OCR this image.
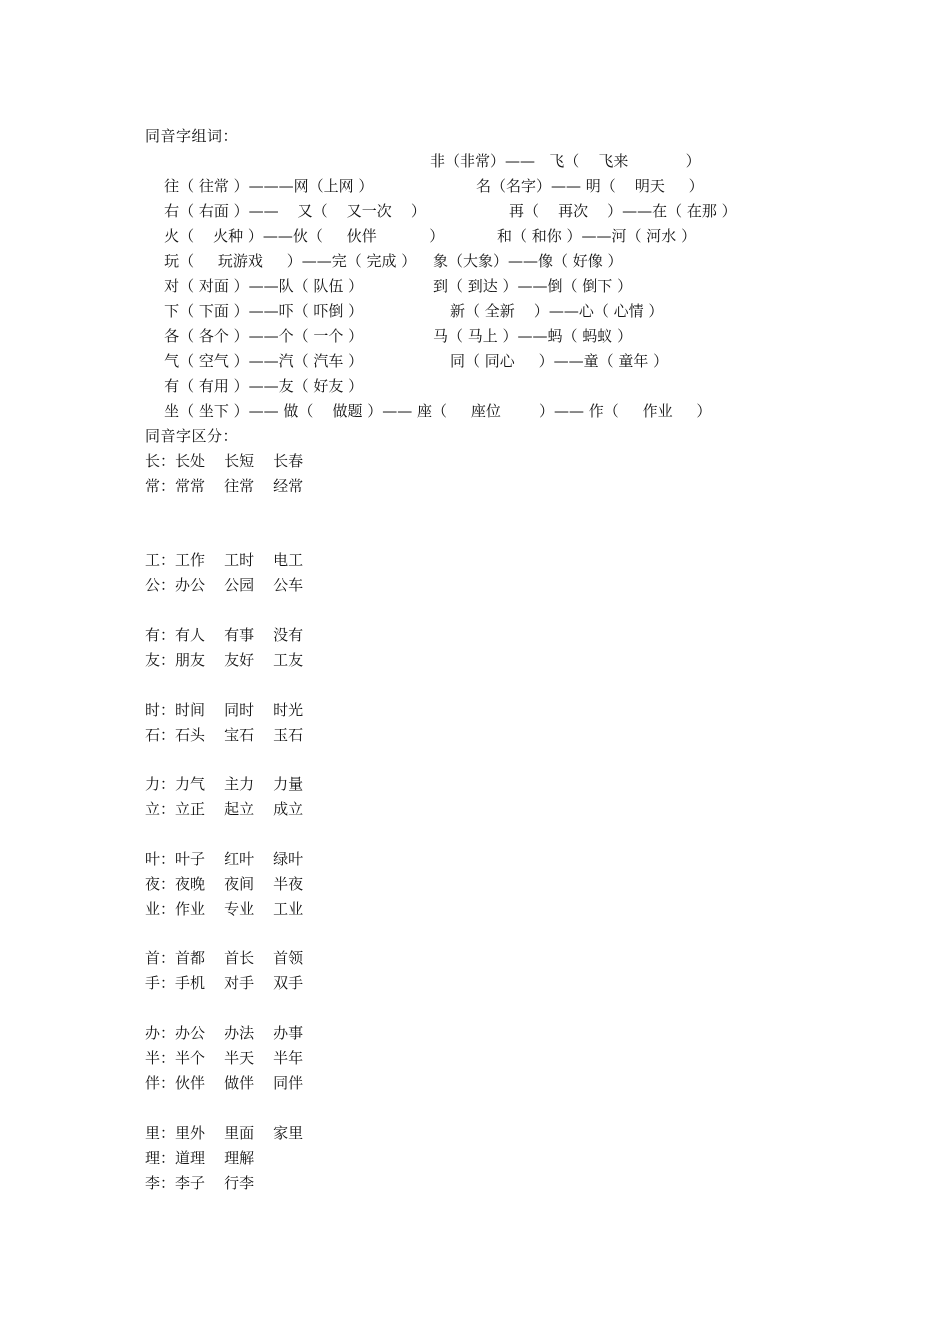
同音字组词：

往（ 往常 ）———网（上网 ）

非（非常）——   飞（    飞来            ）

右（ 右面 ）——    又（    又一次    ）

名（名字）—— 明（    明天     ）

火（    火种 ）——伙（     伙伴           ）

再（    再次    ）——在（ 在那 ）

玩（     玩游戏     ）——完（ 完成 ）

和（ 和你 ）——河（ 河水 ）

对（ 对面 ）——队（ 队伍 ）

象（大象）——像（ 好像 ）

下（ 下面 ）——吓（ 吓倒 ）

到（ 到达 ）——倒（ 倒下 ）

各（ 各个 ）——个（ 一个 ）

新（ 全新    ）——心（ 心情 ）

气（ 空气 ）——汽（ 汽车 ）

马（ 马上 ）——蚂（ 蚂蚁 ）

有（ 有用 ）——友（ 好友 ）

同（ 同心     ）——童（ 童年 ）

坐（ 坐下 ）—— 做（    做题 ）—— 座（     座位        ）—— 作（     作业     ）

同音字区分：
长：长处    长短    长春
常：常常    往常    经常
工：工作    工时    电工
公：办公    公园    公车
有：有人    有事    没有
友：朋友    友好    工友
时：时间    同时    时光
石：石头    宝石    玉石
力：力气    主力    力量
立：立正    起立    成立
叶：叶子    红叶    绿叶
夜：夜晚    夜间    半夜
业：作业    专业    工业
首：首都    首长    首领
手：手机    对手    双手
办：办公    办法    办事
半：半个    半天    半年
伴：伙伴    做伴    同伴
里：里外    里面    家里
理：道理    理解
李：李子    行李
